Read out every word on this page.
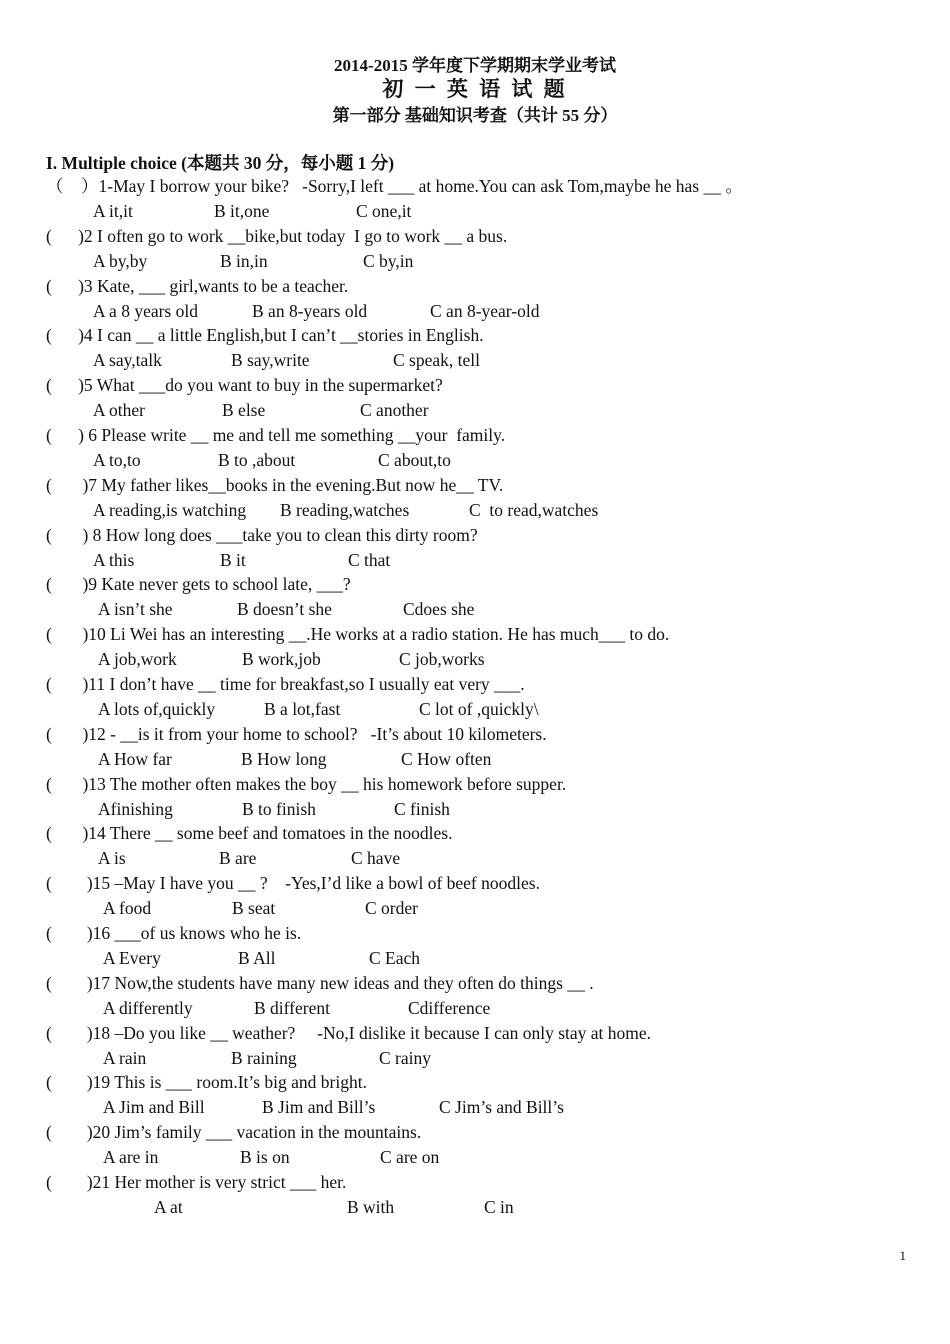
2014-2015 学年度下学期期末学业考试
初 一 英 语 试 题
第一部分 基础知识考查（共计 55 分）
I. Multiple choice (本题共 30 分，每小题 1 分)
（    ）1-May I borrow your bike?   -Sorry,I left ___ at home.You can ask Tom,maybe he has __ 。
A it,it	B it,one	C one,it
(      )2 I often go to work __bike,but today  I go to work __ a bus.
A by,by	B in,in	C by,in
(      )3 Kate, ___ girl,wants to be a teacher.
A a 8 years old	B an 8-years old	C an 8-year-old
(      )4 I can __ a little English,but I can’t __stories in English.
A say,talk	B say,write	C speak, tell
(      )5 What ___do you want to buy in the supermarket?
A other	B else	C another
(      ) 6 Please write __ me and tell me something __your  family.
A to,to	B to ,about	C about,to
(       )7 My father likes__books in the evening.But now he__ TV.
A reading,is watching B reading,watches	C  to read,watches
(       ) 8 How long does ___take you to clean this dirty room?
A this	B it	C that
(       )9 Kate never gets to school late, ___?
A isn’t she	B doesn’t she	Cdoes she
(       )10 Li Wei has an interesting __.He works at a radio station. He has much___ to do.
A job,work	B work,job	C job,works
(       )11 I don’t have __ time for breakfast,so I usually eat very ___.
A lots of,quickly	B a lot,fast	C lot of ,quickly\
(       )12 - __is it from your home to school?   -It’s about 10 kilometers.
A How far	B How long	C How often
(       )13 The mother often makes the boy __ his homework before supper.
Afinishing	B to finish	C finish
(       )14 There __ some beef and tomatoes in the noodles.
A is	B are	C have
(        )15 –May I have you __ ?    -Yes,I’d like a bowl of beef noodles.
A food	B seat	C order
(        )16 ___of us knows who he is.
A Every	B All	C Each
(        )17 Now,the students have many new ideas and they often do things __ .
A differently	B different	Cdifference
(        )18 –Do you like __ weather?     -No,I dislike it because I can only stay at home.
A rain	B raining	C rainy
(        )19 This is ___ room.It’s big and bright.
A Jim and Bill	B Jim and Bill’s	C Jim’s and Bill’s
(        )20 Jim’s family ___ vacation in the mountains.
A are in	B is on	C are on
(        )21 Her mother is very strict ___ her.
A at	B with	C in
1
